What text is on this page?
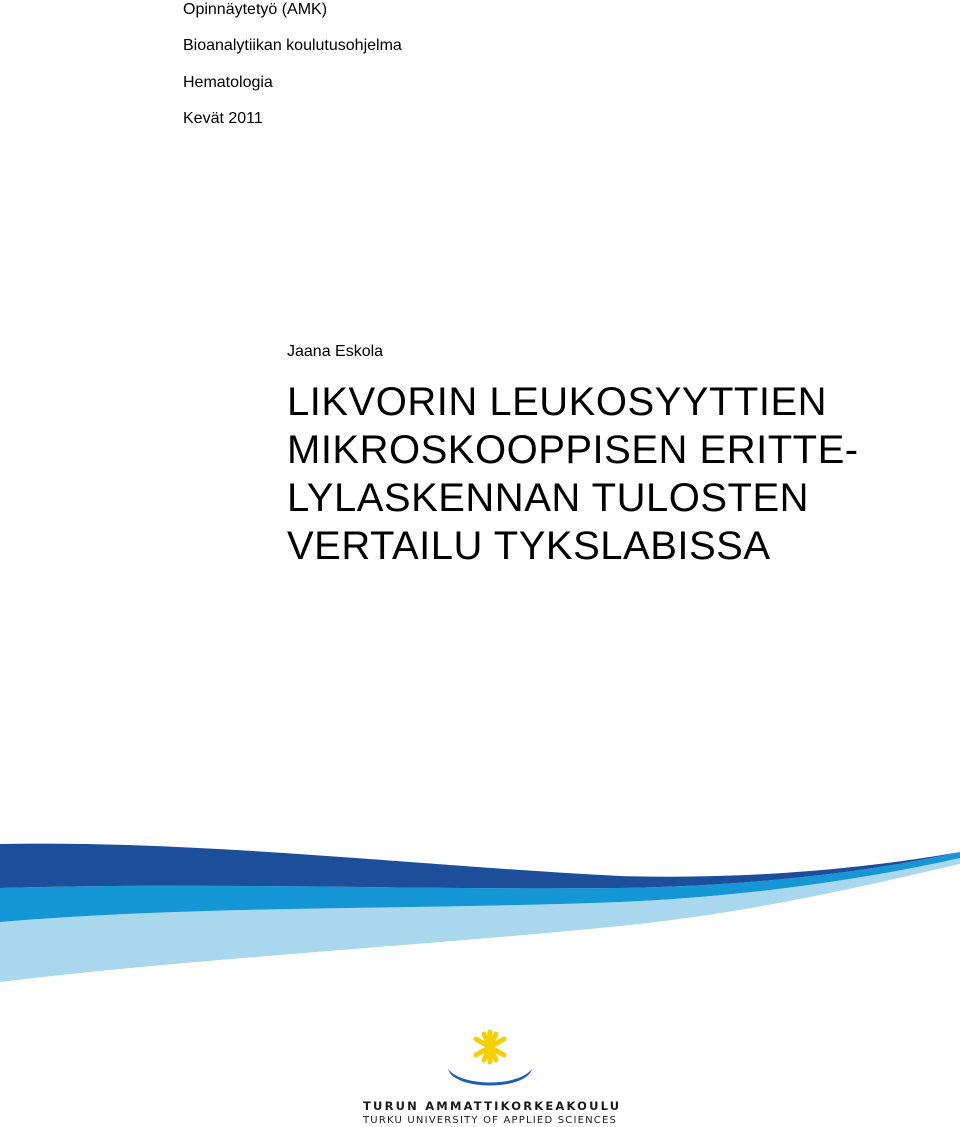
Opinnäytetyö (AMK)
Bioanalytiikan koulutusohjelma
Hematologia
Kevät 2011
Jaana Eskola
LIKVORIN LEUKOSYYTTIEN
MIKROSKOOPPISEN ERITTE-
LYLASKENNAN TULOSTEN
VERTAILU TYKSLABISSA
TURUN AMMATTIKORKEAKOULU
TURKU UNIVERSITY OF APPLIED SCIENCES
